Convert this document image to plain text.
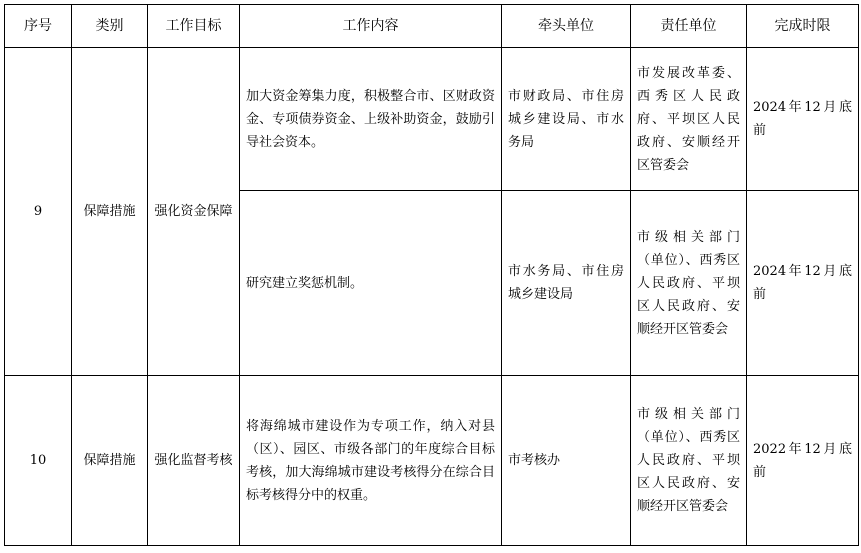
序号	类别	工作目标	工作内容	牵头单位	责任单位	完成时限
9	保障措施	强化资金保障	加大资金筹集力度，积极整合市、区财政资金、专项债券资金、上级补助资金，鼓励引导社会资本。	市财政局、市住房城乡建设局、市水务局	市发展改革委、西秀区人民政府、平坝区人民政府、安顺经开区管委会	2024年12月底前
			研究建立奖惩机制。	市水务局、市住房城乡建设局	市级相关部门（单位）、西秀区人民政府、平坝区人民政府、安顺经开区管委会	2024年12月底前
10	保障措施	强化监督考核	将海绵城市建设作为专项工作，纳入对县（区）、园区、市级各部门的年度综合目标考核，加大海绵城市建设考核得分在综合目标考核得分中的权重。	市考核办	市级相关部门（单位）、西秀区人民政府、平坝区人民政府、安顺经开区管委会	2022年12月底前
